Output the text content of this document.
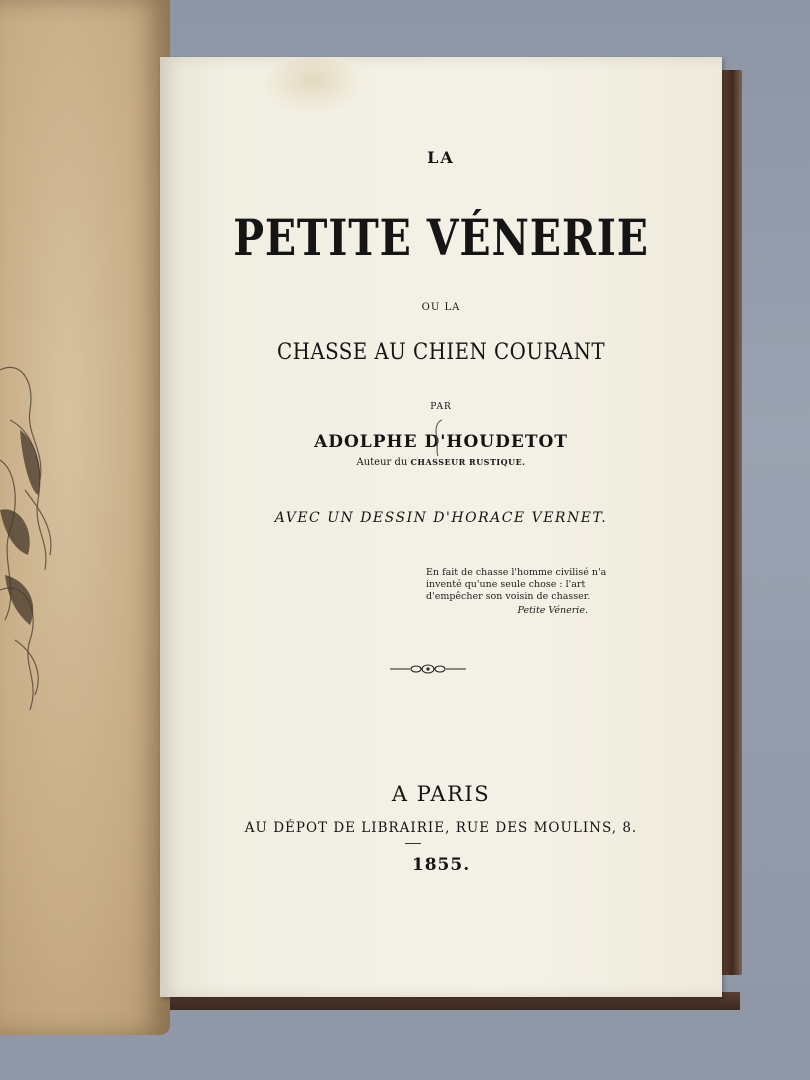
LA
PETITE VÉNERIE
OU LA
CHASSE AU CHIEN COURANT
PAR
ADOLPHE D'HOUDETOT
Auteur du CHASSEUR RUSTIQUE.
AVEC UN DESSIN D'HORACE VERNET.
En fait de chasse l'homme civilisé n'a inventé qu'une seule chose : l'art d'empêcher son voisin de chasser.
Petite Vénerie.
A PARIS
AU DÉPOT DE LIBRAIRIE, RUE DES MOULINS, 8.
1855.
